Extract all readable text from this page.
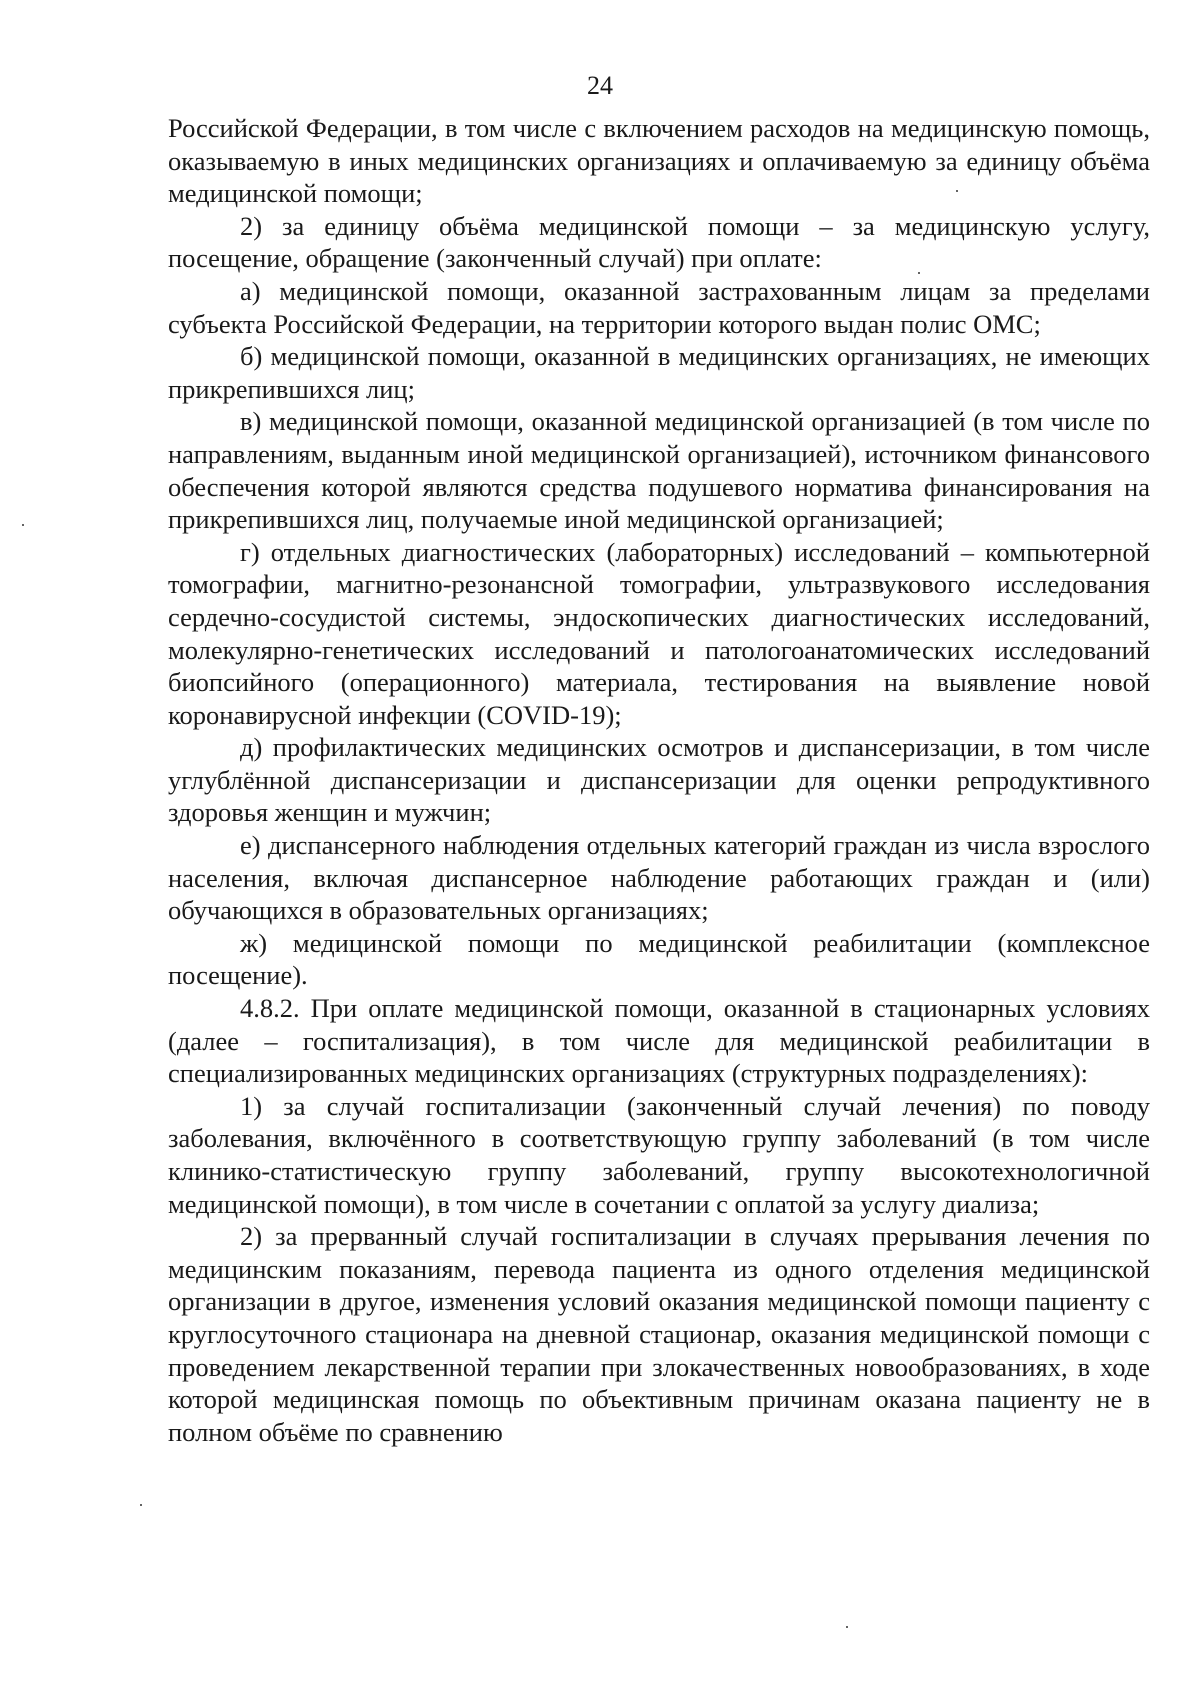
24

Российской Федерации, в том числе с включением расходов на медицинскую помощь, оказываемую в иных медицинских организациях и оплачиваемую за единицу объёма медицинской помощи;

2) за единицу объёма медицинской помощи – за медицинскую услугу, посещение, обращение (законченный случай) при оплате:

а) медицинской помощи, оказанной застрахованным лицам за пределами субъекта Российской Федерации, на территории которого выдан полис ОМС;

б) медицинской помощи, оказанной в медицинских организациях, не имеющих прикрепившихся лиц;

в) медицинской помощи, оказанной медицинской организацией (в том числе по направлениям, выданным иной медицинской организацией), источником финансового обеспечения которой являются средства подушевого норматива финансирования на прикрепившихся лиц, получаемые иной медицинской организацией;

г) отдельных диагностических (лабораторных) исследований – компьютерной томографии, магнитно-резонансной томографии, ультразвукового исследования сердечно-сосудистой системы, эндоскопических диагностических исследований, молекулярно-генетических исследований и патологоанатомических исследований биопсийного (операционного) материала, тестирования на выявление новой коронавирусной инфекции (COVID-19);

д) профилактических медицинских осмотров и диспансеризации, в том числе углублённой диспансеризации и диспансеризации для оценки репродуктивного здоровья женщин и мужчин;

е) диспансерного наблюдения отдельных категорий граждан из числа взрослого населения, включая диспансерное наблюдение работающих граждан и (или) обучающихся в образовательных организациях;

ж) медицинской помощи по медицинской реабилитации (комплексное посещение).

4.8.2. При оплате медицинской помощи, оказанной в стационарных условиях (далее – госпитализация), в том числе для медицинской реабилитации в специализированных медицинских организациях (структурных подразделениях):

1) за случай госпитализации (законченный случай лечения) по поводу заболевания, включённого в соответствующую группу заболеваний (в том числе клинико-статистическую группу заболеваний, группу высокотехнологичной медицинской помощи), в том числе в сочетании с оплатой за услугу диализа;

2) за прерванный случай госпитализации в случаях прерывания лечения по медицинским показаниям, перевода пациента из одного отделения медицинской организации в другое, изменения условий оказания медицинской помощи пациенту с круглосуточного стационара на дневной стационар, оказания медицинской помощи с проведением лекарственной терапии при злокачественных новообразованиях, в ходе которой медицинская помощь по объективным причинам оказана пациенту не в полном объёме по сравнению
